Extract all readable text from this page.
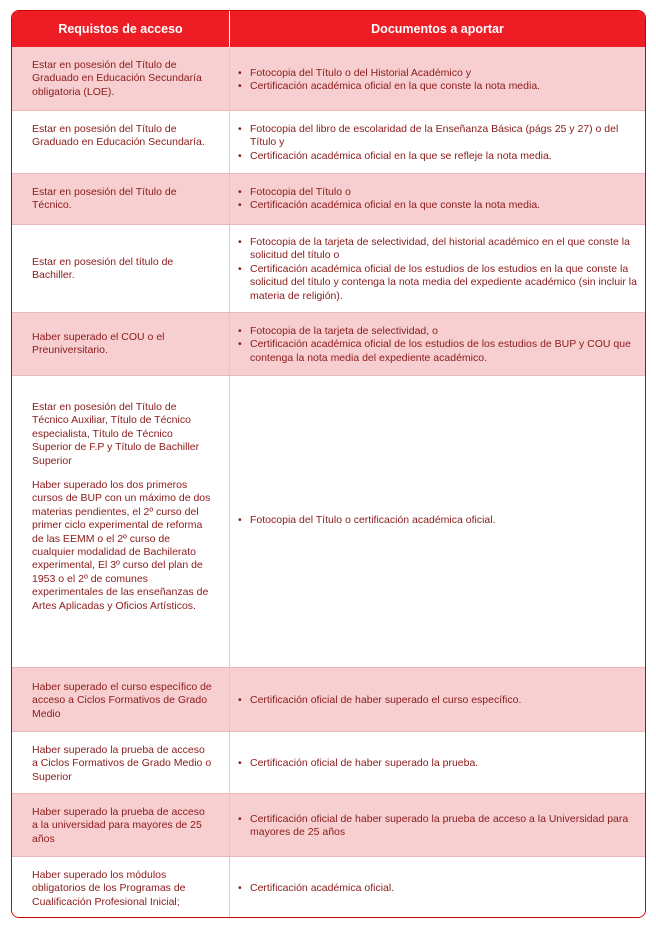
Requistos de acceso	Documentos a aportar

Estar en posesión del Título de Graduado en Educación Secundaría obligatoria (LOE).

• Fotocopia del Título o del Historial Académico y
• Certificación académica oficial en la que conste la nota media.

Estar en posesión del Título de Graduado en Educación Secundaría.

• Fotocopia del libro de escolaridad de la Enseñanza Básica (págs 25 y 27) o del Título y
• Certificación académica oficial en la que se refleje la nota media.

Estar en posesión del Título de Técnico.

• Fotocopia del Título o
• Certificación académica oficial en la que conste la nota media.

Estar en posesión del título de Bachiller.

• Fotocopia de la tarjeta de selectividad, del historial académico en el que conste la solicitud del título o
• Certificación académica oficial de los estudios de los estudios en la que conste la solicitud del título y contenga la nota media del expediente académico (sin incluir la materia de religión).

Haber superado el COU o el Preuniversitario.

• Fotocopia de la tarjeta de selectividad, o
• Certificación académica oficial de los estudios de los estudios de BUP y COU que contenga la nota media del expediente académico.

Estar en posesión del Título de Técnico Auxiliar, Título de Técnico especialista, Título de Técnico Superior de F.P y Título de Bachiller Superior

Haber superado los dos primeros cursos de BUP con un máximo de dos materias pendientes, el 2º curso del primer ciclo experimental de reforma de las EEMM o el 2º curso de cualquier modalidad de Bachilerato experimental, El 3º curso del plan de 1953 o el 2º de comunes experimentales de las enseñanzas de Artes Aplicadas y Oficios Artísticos.

• Fotocopia del Título o certificación académica oficial.

Haber superado el curso específico de acceso a Ciclos Formativos de Grado Medio

• Certificación oficial de haber superado el curso específico.

Haber superado la prueba de acceso a Ciclos Formativos de Grado Medio o Superior

• Certificación oficial de haber superado la prueba.

Haber superado la prueba de acceso a la universidad para mayores de 25 años

• Certificación oficial de haber superado la prueba de acceso a la Universidad para mayores de 25 años

Haber superado los módulos obligatorios de los Programas de Cualificación Profesional Inicial;

• Certificación académica oficial.
